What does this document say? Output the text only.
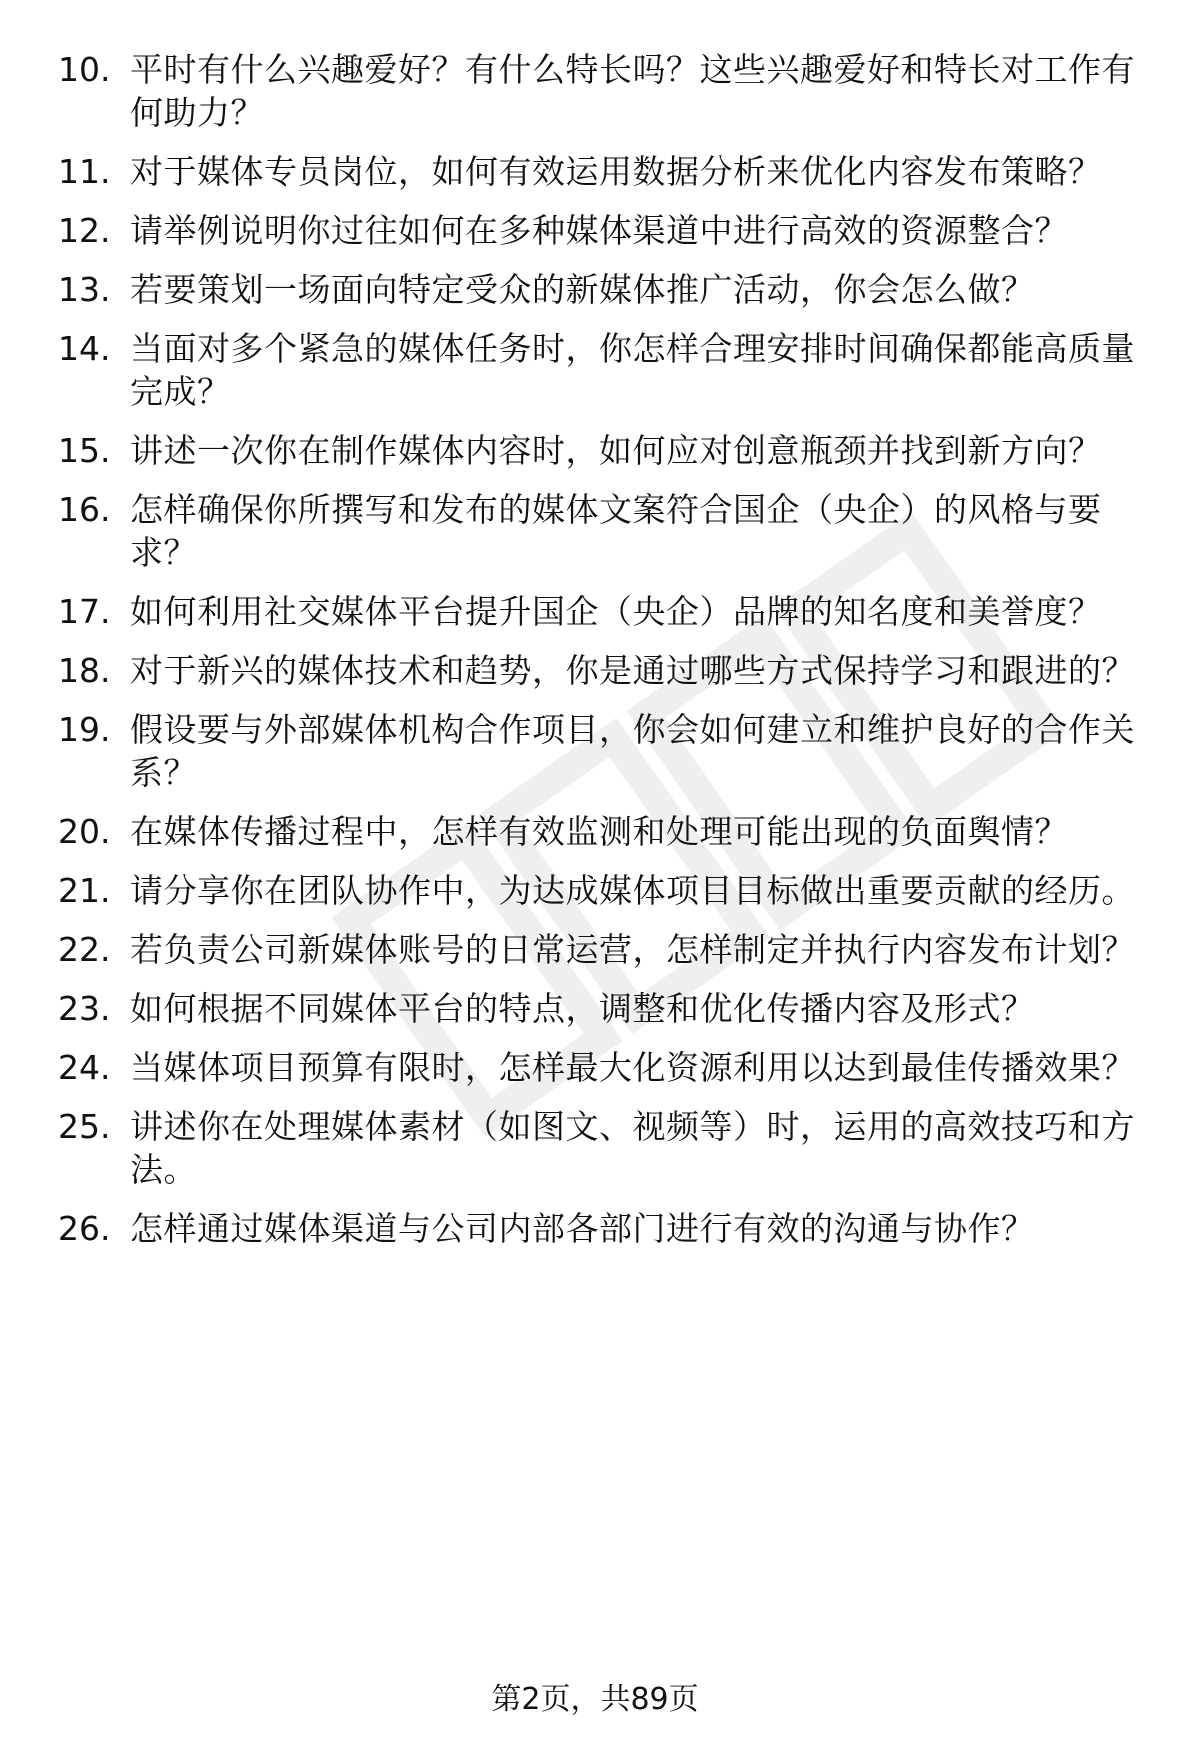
10. 平时有什么兴趣爱好？有什么特长吗？这些兴趣爱好和特长对工作有何助力？
11. 对于媒体专员岗位，如何有效运用数据分析来优化内容发布策略？
12. 请举例说明你过往如何在多种媒体渠道中进行高效的资源整合？
13. 若要策划一场面向特定受众的新媒体推广活动，你会怎么做？
14. 当面对多个紧急的媒体任务时，你怎样合理安排时间确保都能高质量完成？
15. 讲述一次你在制作媒体内容时，如何应对创意瓶颈并找到新方向？
16. 怎样确保你所撰写和发布的媒体文案符合国企（央企）的风格与要求？
17. 如何利用社交媒体平台提升国企（央企）品牌的知名度和美誉度？
18. 对于新兴的媒体技术和趋势，你是通过哪些方式保持学习和跟进的？
19. 假设要与外部媒体机构合作项目，你会如何建立和维护良好的合作关系？
20. 在媒体传播过程中，怎样有效监测和处理可能出现的负面舆情？
21. 请分享你在团队协作中，为达成媒体项目目标做出重要贡献的经历。
22. 若负责公司新媒体账号的日常运营，怎样制定并执行内容发布计划？
23. 如何根据不同媒体平台的特点，调整和优化传播内容及形式？
24. 当媒体项目预算有限时，怎样最大化资源利用以达到最佳传播效果？
25. 讲述你在处理媒体素材（如图文、视频等）时，运用的高效技巧和方法。
26. 怎样通过媒体渠道与公司内部各部门进行有效的沟通与协作？
第2页，共89页
